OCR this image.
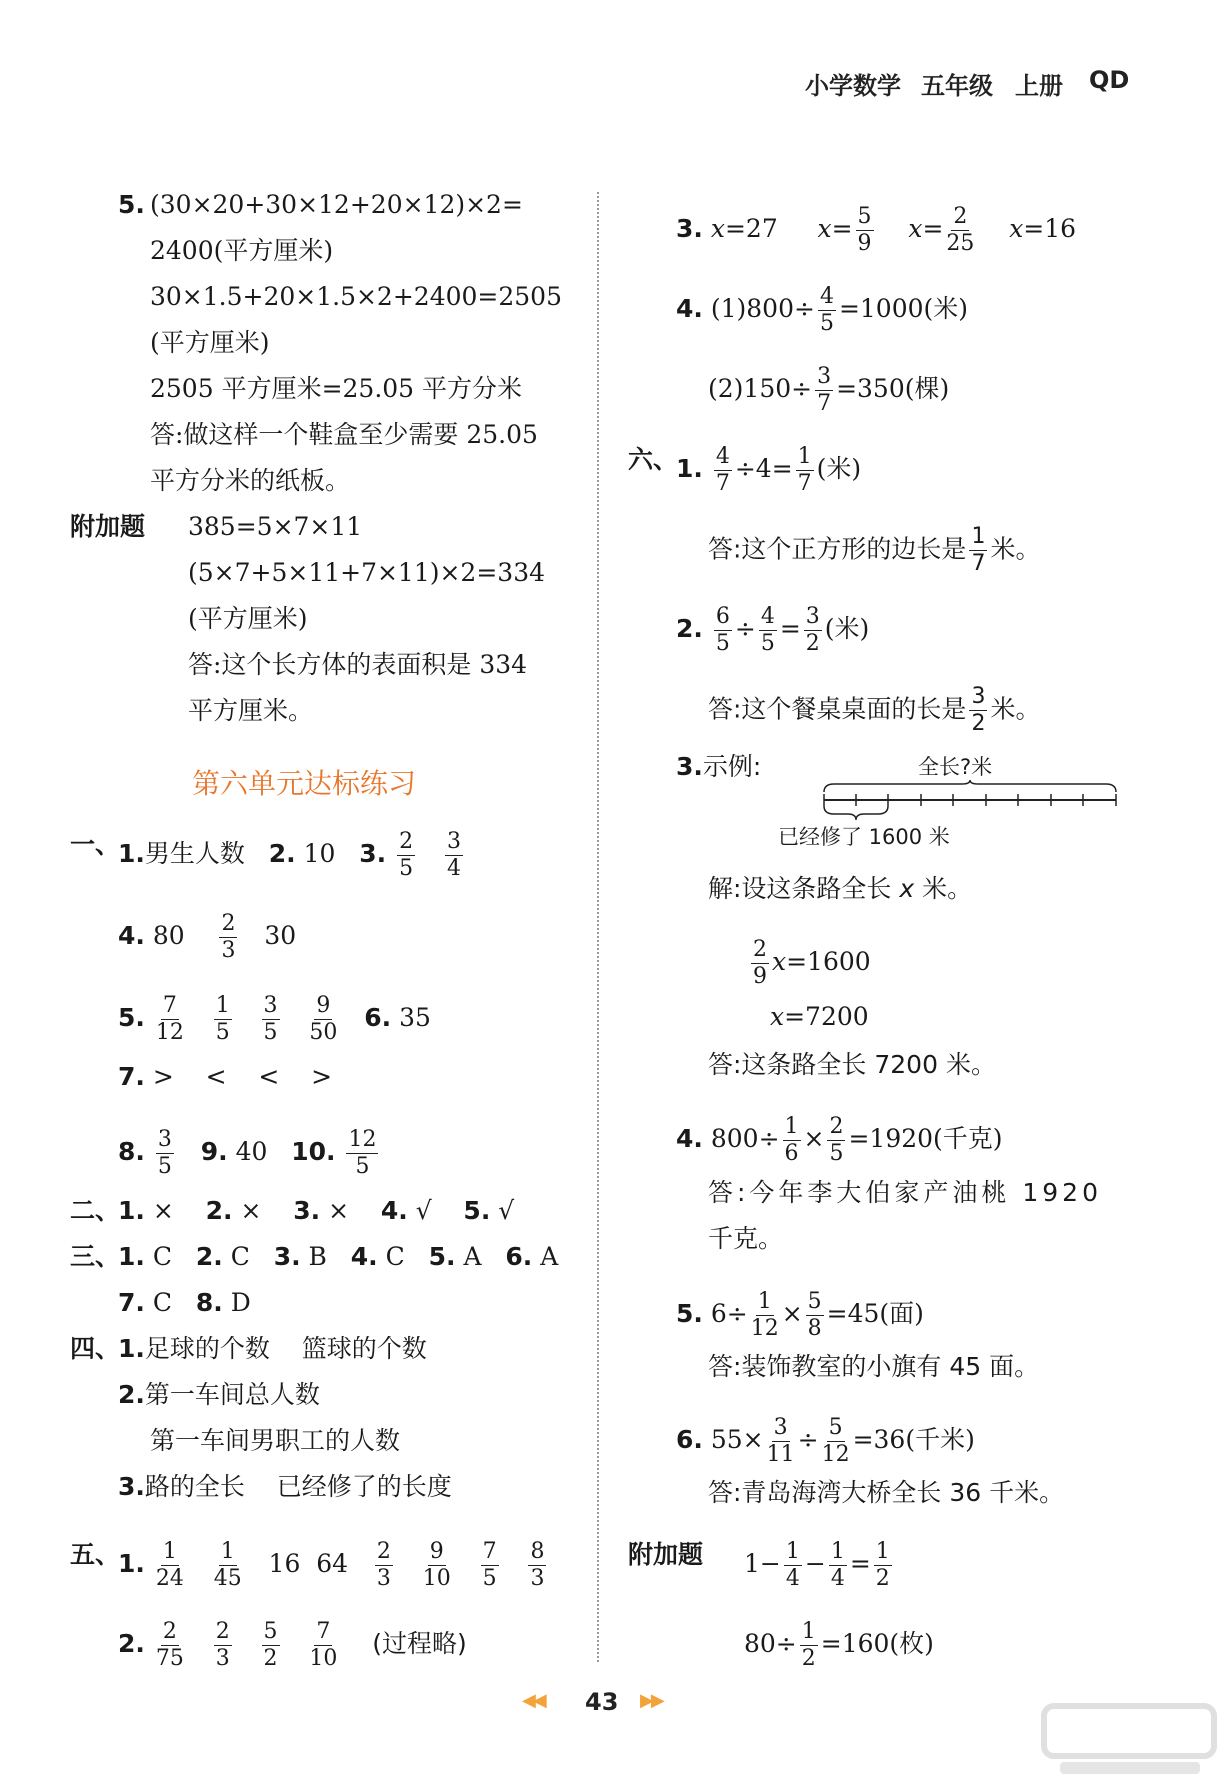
小学数学 五年级 上册 QD
5. (30×20+30×12+20×12)×2=
2400(平方厘米)
30×1.5+20×1.5×2+2400=2505
(平方厘米)
2505 平方厘米=25.05 平方分米
答:做这样一个鞋盒至少需要 25.05
平方分米的纸板。
附加题 385=5×7×11
(5×7+5×11+7×11)×2=334
(平方厘米)
答:这个长方体的表面积是 334
平方厘米。
第六单元达标练习
一、
1.男生人数 2. 10 3. $\frac{2}{5}$
$\frac{3}{4}$
4. $80 \frac{2}{3} 30$
5. $\frac{7}{12}$
$\frac{1}{5}$
$\frac{3}{5}$
$\frac{9}{50} 6$. 35
7. > < < >
8. $\frac{3}{5} 9$. 40 10. $\frac{12}{5}$
二、
1. × 2. × 3. × 4. √ 5. √
三、
1. C 2. C 3. B 4. C 5. A 6. A
7. C 8. D
四、
1.足球的个数 篮球的个数
2.第一车间总人数
第一车间男职工的人数
3.路的全长 已经修了的长度
五、
1. $\frac{1}{24}$
$\frac{1}{45} 16$ $64 \frac{2}{3}$
$\frac{9}{10}$
$\frac{7}{5}$
$\frac{8}{3}$
2. $\frac{2}{75}$
$\frac{2}{3}$
$\frac{5}{2}$
$\frac{7}{10}$ (过程略)
3. x=27 $x= \frac{5}{9} x= \frac{2}{25} x=16$
4. $(1)800\div \frac{4}{5} =1000$(米)
$(2)150\div \frac{3}{7} =350$(棵)
六、
1. $\frac{4}{7} \div 4= \frac{1}{7}$ (米)
答:这个正方形的边长是 $\frac{1}{7}$ 米。
2. $\frac{6}{5} \div \frac{4}{5} = \frac{3}{2}$ (米)
答:这个餐桌桌面的长是 $\frac{3}{2}$ 米。
3.示例:	全长?米
已经修了 1600 米
解:设这条路全长 x 米。
$\frac{2}{9} x=1600$
x=7200
答:这条路全长 7200 米。
4. $800\div \frac{1}{6} \times \frac{2}{5} =1920$(千克)
答:今年李大伯家产油桃 1920
千克。
5. $6\div \frac{1}{12} \times \frac{5}{8} =45$(面)
答:装饰教室的小旗有 45 面。
6. $55\times \frac{3}{11} \div \frac{5}{12} =36$(千米)
答:青岛海湾大桥全长 36 千米。
附加题 $1- \frac{1}{4} - \frac{1}{4} = \frac{1}{2}$
$80\div \frac{1}{2} =160$(枚)
◀◀ 43 ▶▶
